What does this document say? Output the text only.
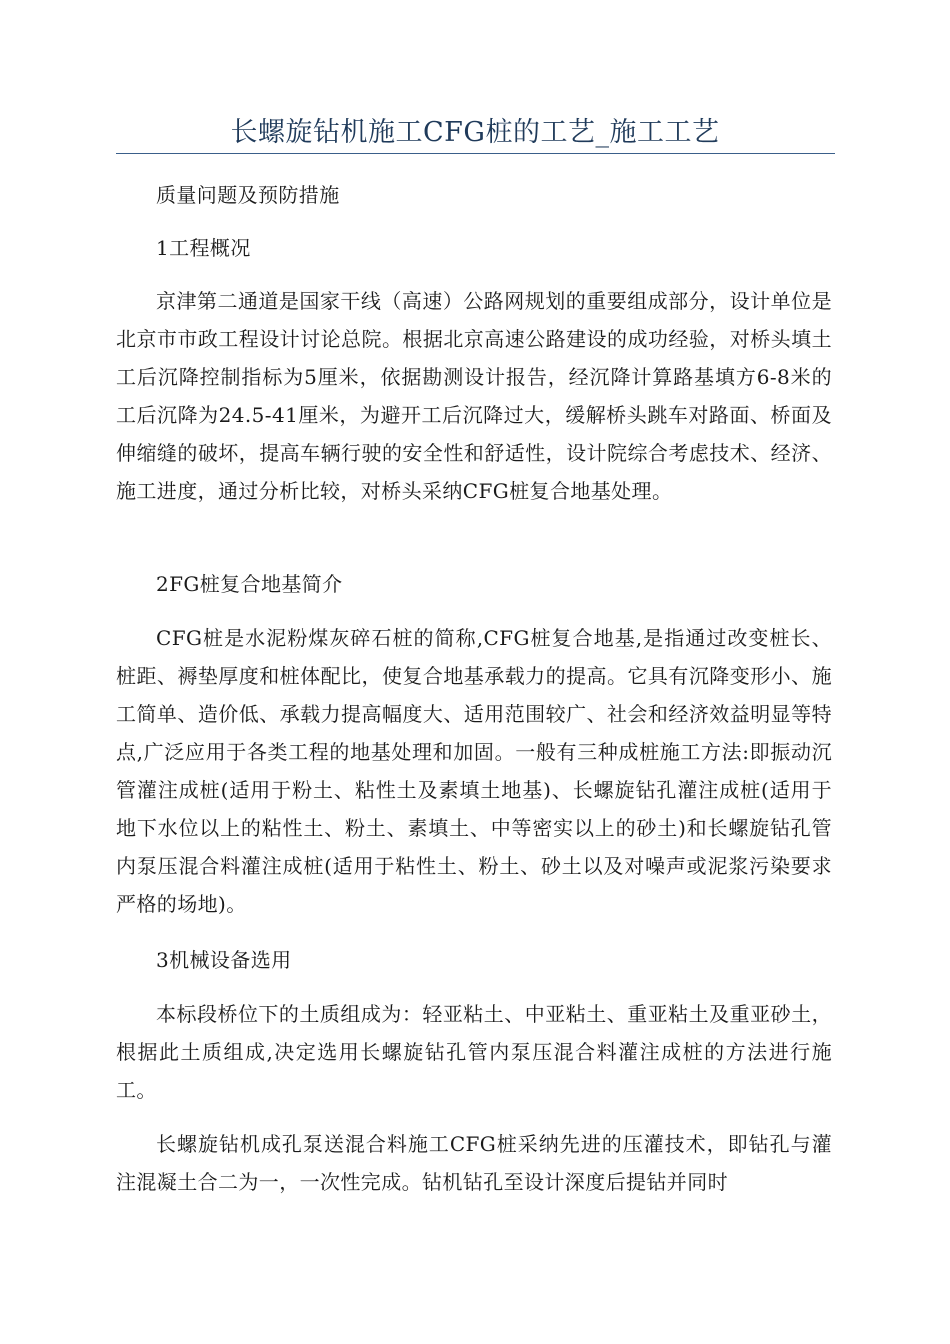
长螺旋钻机施工CFG桩的工艺_施工工艺

质量问题及预防措施

1工程概况

京津第二通道是国家干线（高速）公路网规划的重要组成部分，设计单位是北京市市政工程设计讨论总院。根据北京高速公路建设的成功经验，对桥头填土工后沉降控制指标为5厘米，依据勘测设计报告，经沉降计算路基填方6-8米的工后沉降为24.5-41厘米，为避开工后沉降过大，缓解桥头跳车对路面、桥面及伸缩缝的破坏，提高车辆行驶的安全性和舒适性，设计院综合考虑技术、经济、施工进度，通过分析比较，对桥头采纳CFG桩复合地基处理。

2FG桩复合地基简介

CFG桩是水泥粉煤灰碎石桩的简称,CFG桩复合地基,是指通过改变桩长、桩距、褥垫厚度和桩体配比，使复合地基承载力的提高。它具有沉降变形小、施工简单、造价低、承载力提高幅度大、适用范围较广、社会和经济效益明显等特点,广泛应用于各类工程的地基处理和加固。一般有三种成桩施工方法:即振动沉管灌注成桩(适用于粉土、粘性土及素填土地基)、长螺旋钻孔灌注成桩(适用于地下水位以上的粘性土、粉土、素填土、中等密实以上的砂土)和长螺旋钻孔管内泵压混合料灌注成桩(适用于粘性土、粉土、砂土以及对噪声或泥浆污染要求严格的场地)。

3机械设备选用

本标段桥位下的土质组成为：轻亚粘土、中亚粘土、重亚粘土及重亚砂土，根据此土质组成,决定选用长螺旋钻孔管内泵压混合料灌注成桩的方法进行施工。

长螺旋钻机成孔泵送混合料施工CFG桩采纳先进的压灌技术，即钻孔与灌注混凝土合二为一，一次性完成。钻机钻孔至设计深度后提钻并同时
